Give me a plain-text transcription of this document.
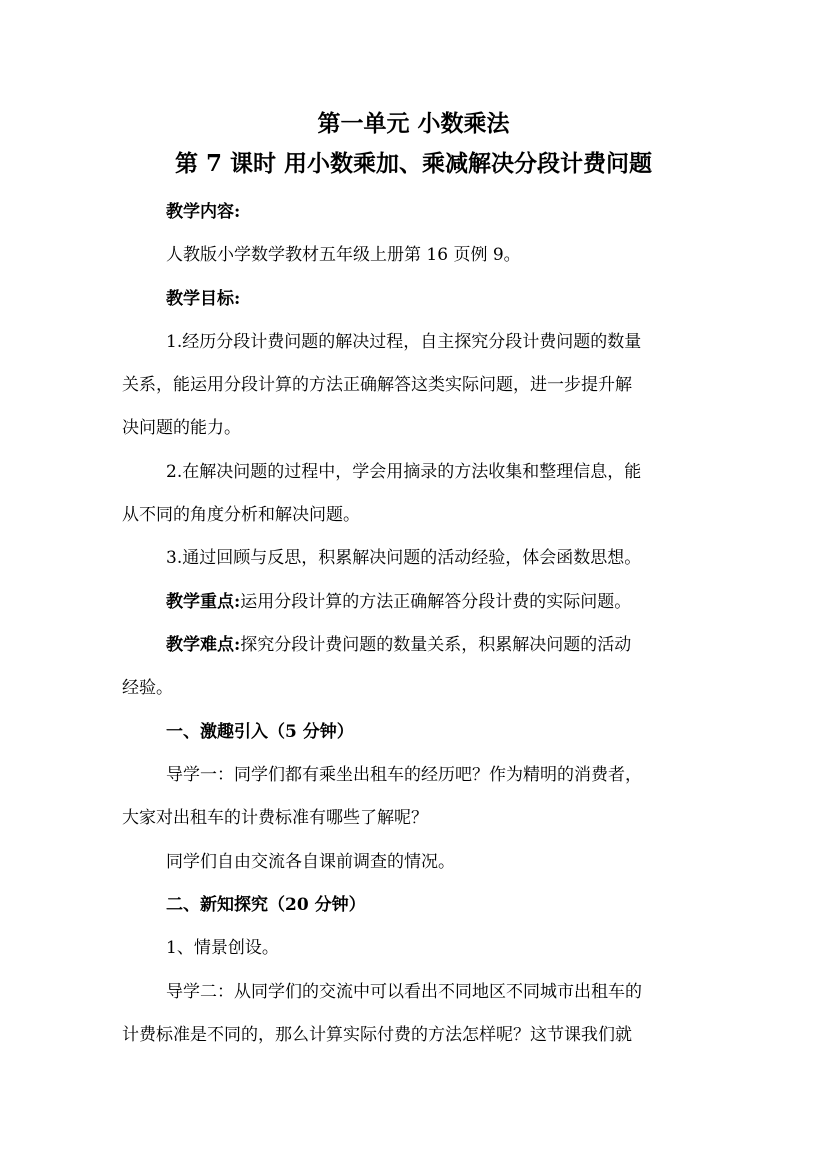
第一单元 小数乘法
第 7 课时 用小数乘加、乘减解决分段计费问题
教学内容:
人教版小学数学教材五年级上册第 16 页例 9。
教学目标:
1.经历分段计费问题的解决过程，自主探究分段计费问题的数量
关系，能运用分段计算的方法正确解答这类实际问题，进一步提升解
决问题的能力。
2.在解决问题的过程中，学会用摘录的方法收集和整理信息，能
从不同的角度分析和解决问题。
3.通过回顾与反思，积累解决问题的活动经验，体会函数思想。
教学重点:运用分段计算的方法正确解答分段计费的实际问题。
教学难点:探究分段计费问题的数量关系，积累解决问题的活动
经验。
一、激趣引入（5 分钟）
导学一：同学们都有乘坐出租车的经历吧？作为精明的消费者，
大家对出租车的计费标准有哪些了解呢？
同学们自由交流各自课前调查的情况。
二、新知探究（20 分钟）
1、情景创设。
导学二：从同学们的交流中可以看出不同地区不同城市出租车的
计费标准是不同的，那么计算实际付费的方法怎样呢？这节课我们就
